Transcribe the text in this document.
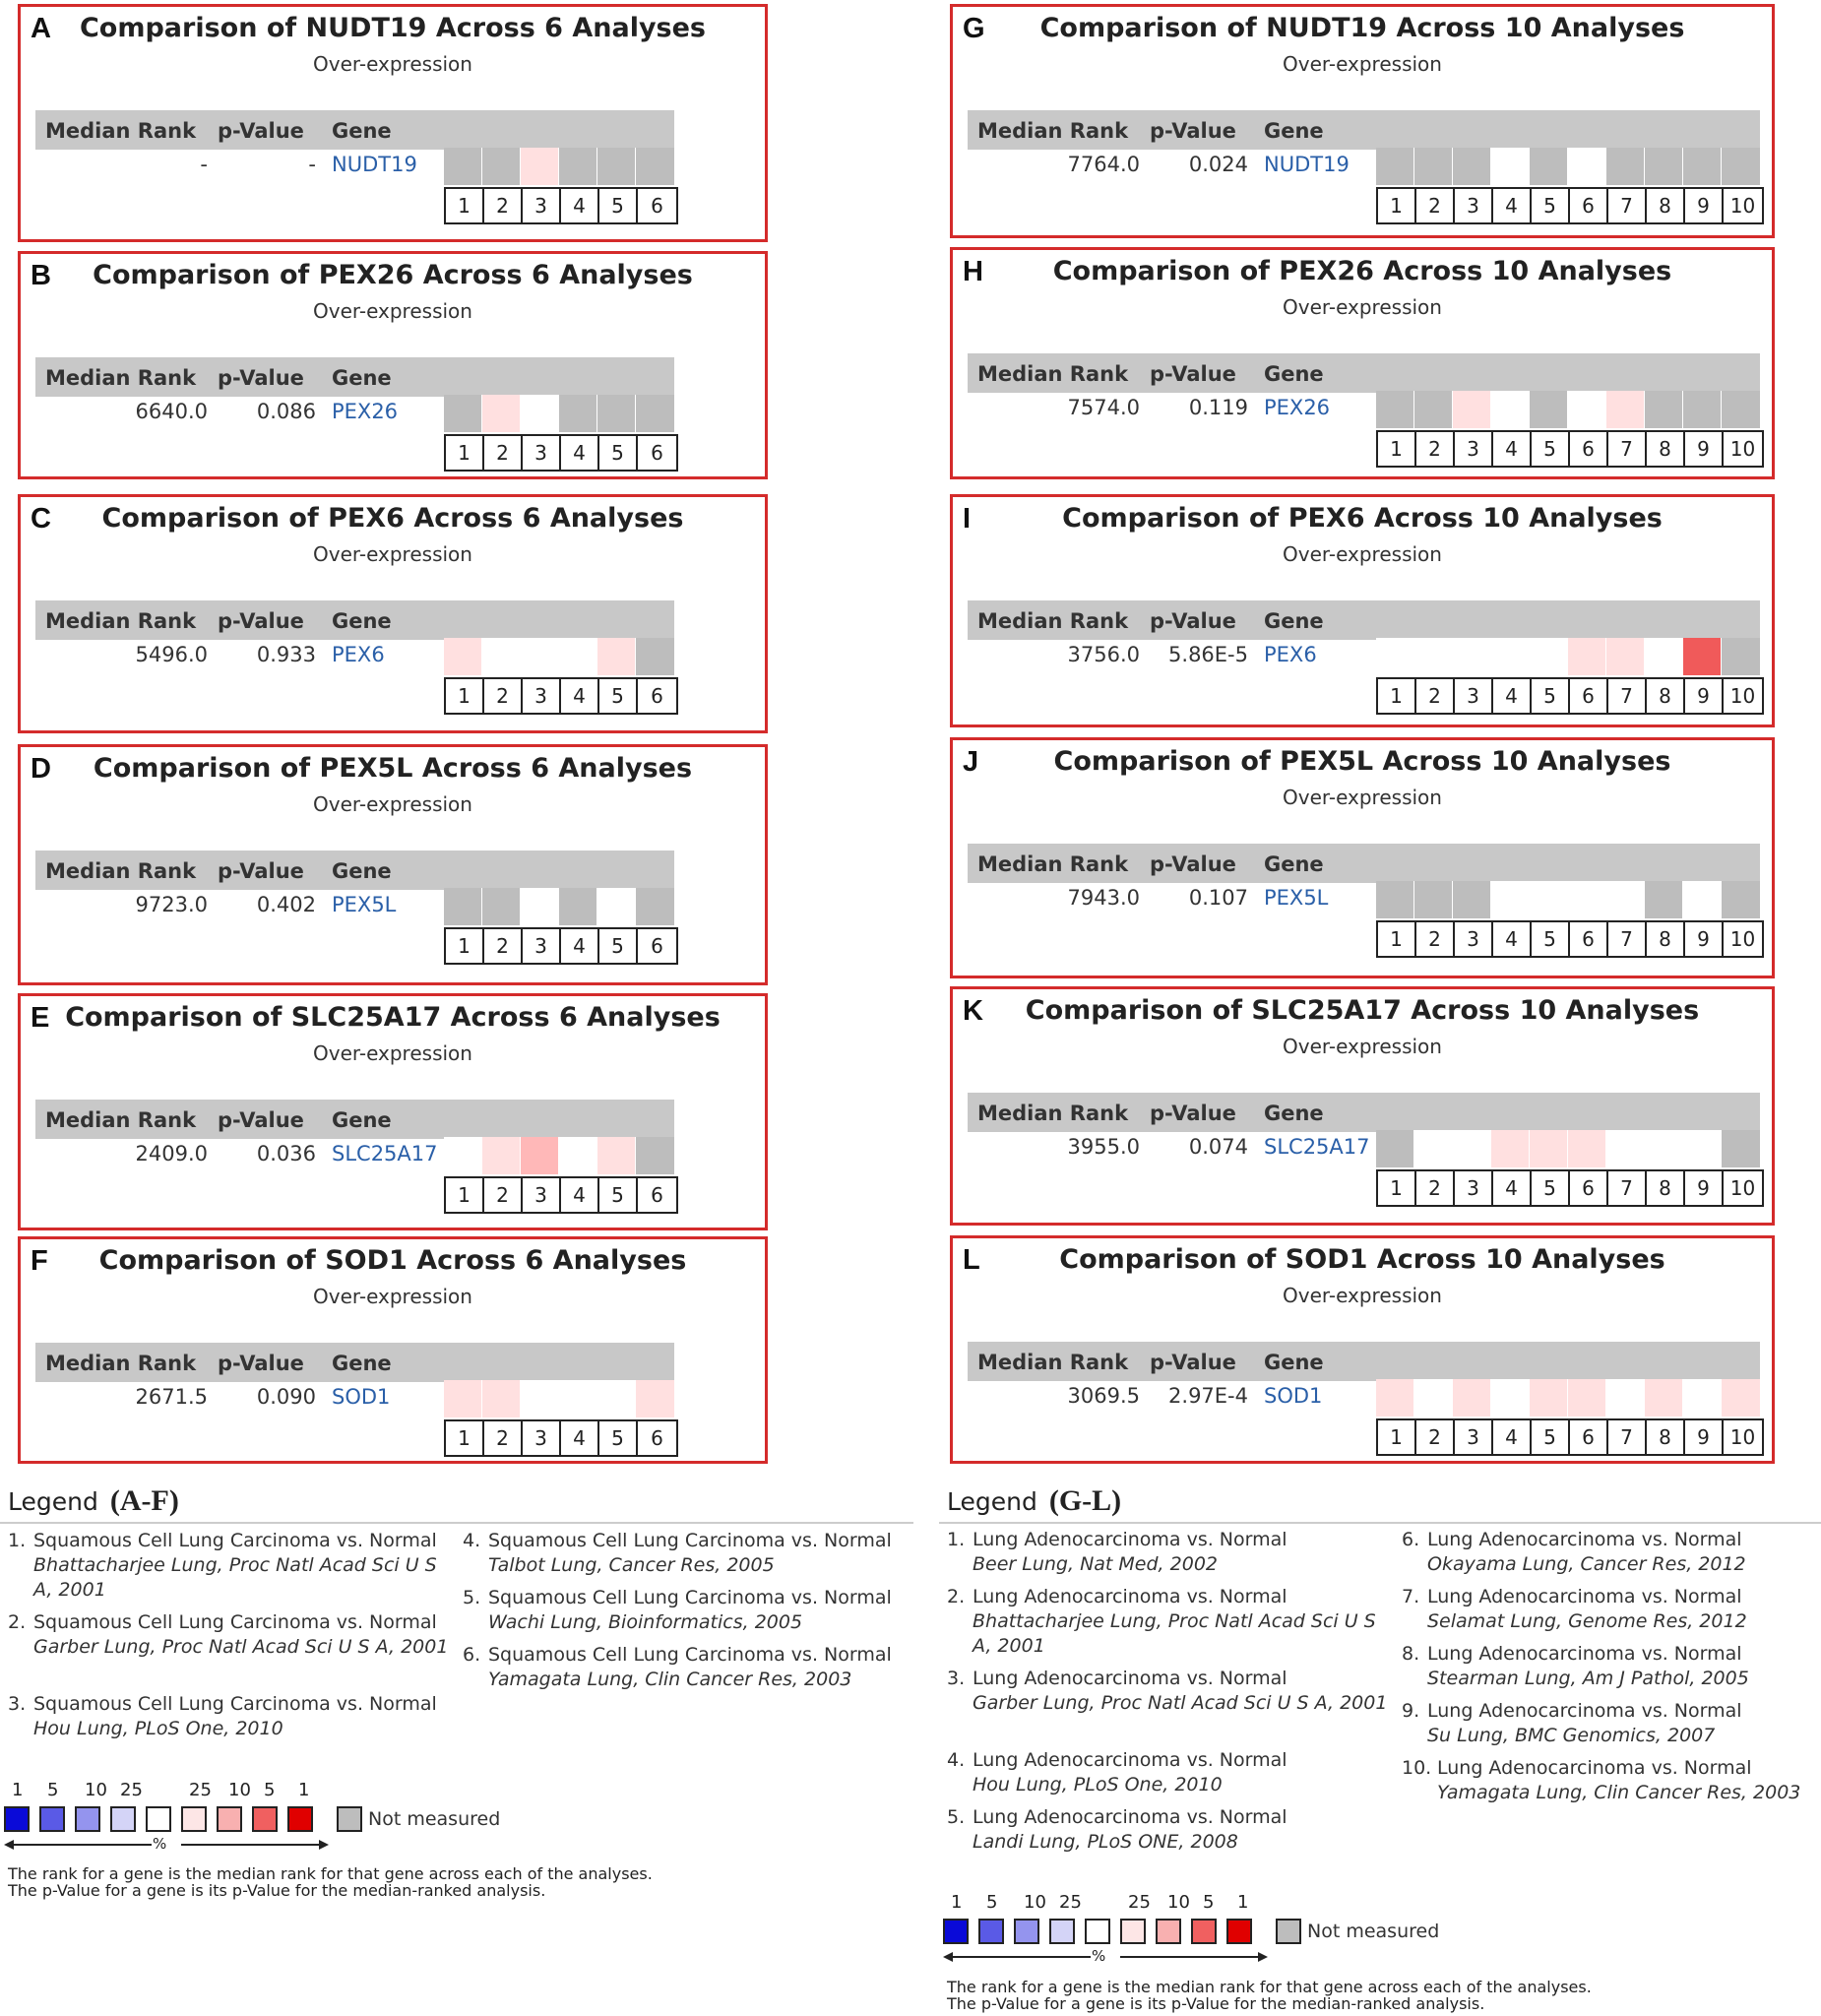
A	Comparison of NUDT19 Across 6 Analyses
Over-expression
Median Rank p-Value Gene
-	- NUDT19
1	2	3	4	5	6
B	Comparison of PEX26 Across 6 Analyses
Over-expression
Median Rank p-Value Gene
6640.0	0.086 PEX26
1	2	3	4	5	6
C	Comparison of PEX6 Across 6 Analyses
Over-expression
Median Rank p-Value Gene
5496.0	0.933 PEX6
1	2	3	4	5	6
D	Comparison of PEX5L Across 6 Analyses
Over-expression
Median Rank p-Value Gene
9723.0	0.402 PEX5L
1	2	3	4	5	6
E Comparison of SLC25A17 Across 6 Analyses
Over-expression
Median Rank p-Value Gene
2409.0	0.036 SLC25A17
1	2	3	4	5	6
F	Comparison of SOD1 Across 6 Analyses
Over-expression
Median Rank p-Value Gene
2671.5	0.090 SOD1
1	2	3	4	5	6
G	Comparison of NUDT19 Across 10 Analyses
Over-expression
Median Rank p-Value Gene
7764.0	0.024 NUDT19
1	2	3	4	5	6	7	8	9	10
H	Comparison of PEX26 Across 10 Analyses
Over-expression
Median Rank p-Value Gene
7574.0	0.119 PEX26
1	2	3	4	5	6	7	8	9	10
I	Comparison of PEX6 Across 10 Analyses
Over-expression
Median Rank p-Value Gene
3756.0	5.86E-5 PEX6
1	2	3	4	5	6	7	8	9	10
J	Comparison of PEX5L Across 10 Analyses
Over-expression
Median Rank p-Value Gene
7943.0	0.107 PEX5L
1	2	3	4	5	6	7	8	9	10
K	Comparison of SLC25A17 Across 10 Analyses
Over-expression
Median Rank p-Value Gene
3955.0	0.074 SLC25A17
1	2	3	4	5	6	7	8	9	10
L	Comparison of SOD1 Across 10 Analyses
Over-expression
Median Rank p-Value Gene
3069.5	2.97E-4 SOD1
1	2	3	4	5	6	7	8	9	10
Legend (A-F)
1. Squamous Cell Lung Carcinoma vs. Normal
Bhattacharjee Lung, Proc Natl Acad Sci U S A, 2001
2. Squamous Cell Lung Carcinoma vs. Normal
Garber Lung, Proc Natl Acad Sci U S A, 2001
3. Squamous Cell Lung Carcinoma vs. Normal
Hou Lung, PLoS One, 2010
4. Squamous Cell Lung Carcinoma vs. Normal
Talbot Lung, Cancer Res, 2005
5. Squamous Cell Lung Carcinoma vs. Normal
Wachi Lung, Bioinformatics, 2005
6. Squamous Cell Lung Carcinoma vs. Normal
Yamagata Lung, Clin Cancer Res, 2003
1 5 10 25	25 10 5 1
Not measured
%
The rank for a gene is the median rank for that gene across each of the analyses.
The p-Value for a gene is its p-Value for the median-ranked analysis.
Legend (G-L)
1. Lung Adenocarcinoma vs. Normal
Beer Lung, Nat Med, 2002
2. Lung Adenocarcinoma vs. Normal
Bhattacharjee Lung, Proc Natl Acad Sci U S A, 2001
3. Lung Adenocarcinoma vs. Normal
Garber Lung, Proc Natl Acad Sci U S A, 2001
4. Lung Adenocarcinoma vs. Normal
Hou Lung, PLoS One, 2010
5. Lung Adenocarcinoma vs. Normal
Landi Lung, PLoS ONE, 2008
6. Lung Adenocarcinoma vs. Normal
Okayama Lung, Cancer Res, 2012
7. Lung Adenocarcinoma vs. Normal
Selamat Lung, Genome Res, 2012
8. Lung Adenocarcinoma vs. Normal
Stearman Lung, Am J Pathol, 2005
9. Lung Adenocarcinoma vs. Normal
Su Lung, BMC Genomics, 2007
10. Lung Adenocarcinoma vs. Normal
Yamagata Lung, Clin Cancer Res, 2003
1 5 10 25	25 10 5 1
Not measured
%
The rank for a gene is the median rank for that gene across each of the analyses.
The p-Value for a gene is its p-Value for the median-ranked analysis.
